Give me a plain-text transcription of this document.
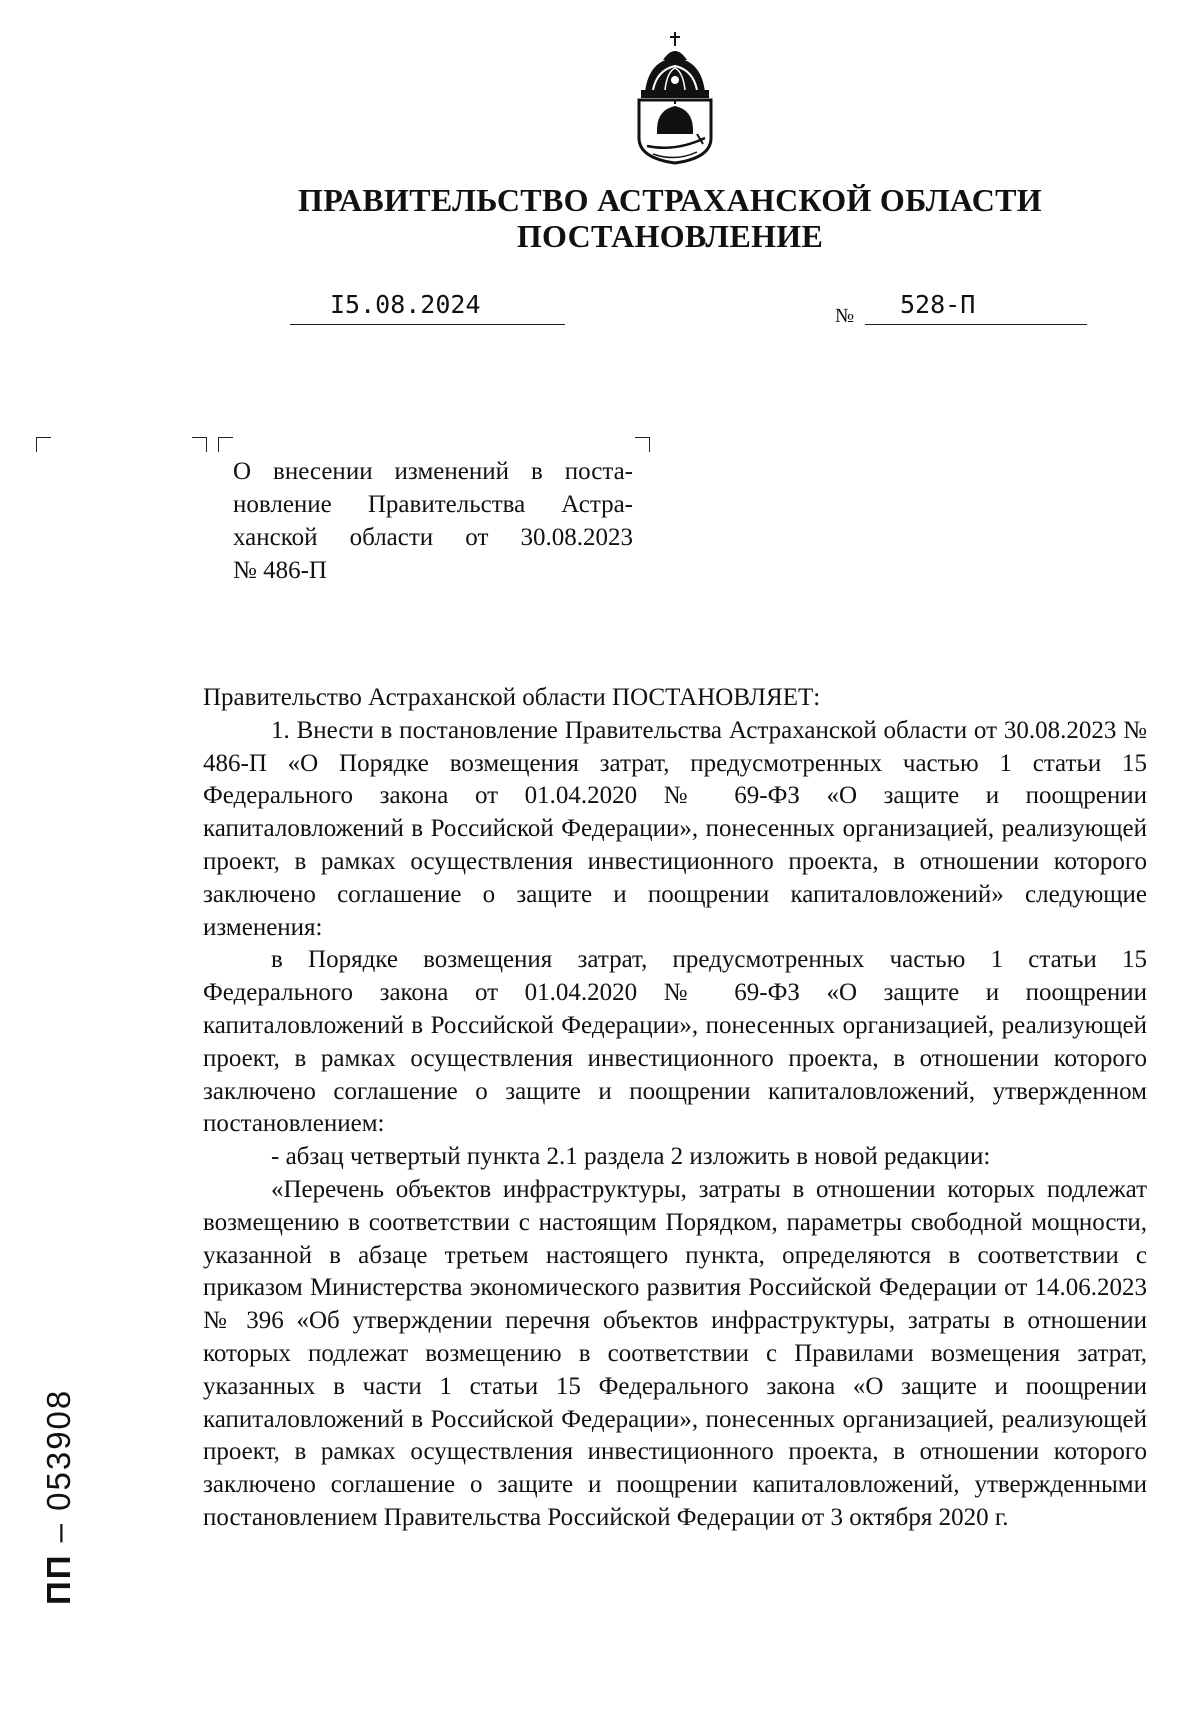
ПРАВИТЕЛЬСТВО АСТРАХАНСКОЙ ОБЛАСТИ
ПОСТАНОВЛЕНИЕ
I5.08.2024	№ 528-П
О внесении изменений в поста-
новление Правительства Астра-
ханской области от 30.08.2023
№ 486-П

Правительство Астраханской области ПОСТАНОВЛЯЕТ:

1. Внести в постановление Правительства Астраханской области от 30.08.2023 № 486-П «О Порядке возмещения затрат, предусмотренных частью 1 статьи 15 Федерального закона от 01.04.2020 № 69-ФЗ «О защите и поощрении капиталовложений в Российской Федерации», понесенных организацией, реализующей проект, в рамках осуществления инвестиционного проекта, в отношении которого заключено соглашение о защите и поощрении капиталовложений» следующие изменения:

в Порядке возмещения затрат, предусмотренных частью 1 статьи 15 Федерального закона от 01.04.2020 № 69-ФЗ «О защите и поощрении капиталовложений в Российской Федерации», понесенных организацией, реализующей проект, в рамках осуществления инвестиционного проекта, в отношении которого заключено соглашение о защите и поощрении капиталовложений, утвержденном постановлением:

- абзац четвертый пункта 2.1 раздела 2 изложить в новой редакции:

«Перечень объектов инфраструктуры, затраты в отношении которых подлежат возмещению в соответствии с настоящим Порядком, параметры свободной мощности, указанной в абзаце третьем настоящего пункта, определяются в соответствии с приказом Министерства экономического развития Российской Федерации от 14.06.2023 № 396 «Об утверждении перечня объектов инфраструктуры, затраты в отношении которых подлежат возмещению в соответствии с Правилами возмещения затрат, указанных в части 1 статьи 15 Федерального закона «О защите и поощрении капиталовложений в Российской Федерации», понесенных организацией, реализующей проект, в рамках осуществления инвестиционного проекта, в отношении которого заключено соглашение о защите и поощрении капиталовложений, утвержденными постановлением Правительства Российской Федерации от 3 октября 2020 г.

ПП – 053908
